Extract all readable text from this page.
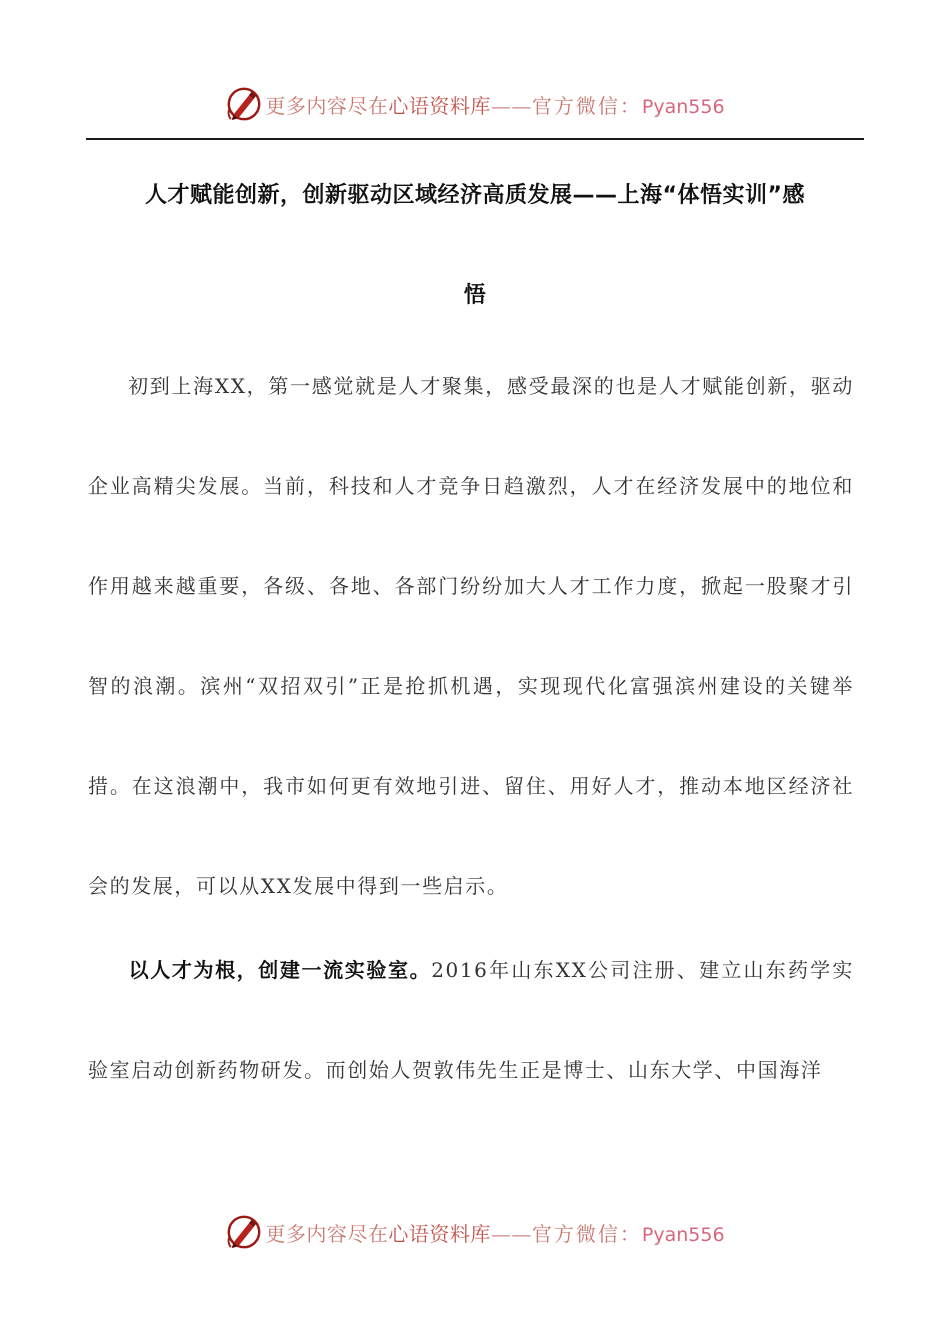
更多内容尽在心语资料库——官方微信：Pyan556
人才赋能创新，创新驱动区域经济高质发展——上海“体悟实训”感
悟
初到上海XX，第一感觉就是人才聚集，感受最深的也是人才赋能创新，驱动企业高精尖发展。当前，科技和人才竞争日趋激烈，人才在经济发展中的地位和作用越来越重要，各级、各地、各部门纷纷加大人才工作力度，掀起一股聚才引智的浪潮。滨州“双招双引”正是抢抓机遇，实现现代化富强滨州建设的关键举措。在这浪潮中，我市如何更有效地引进、留住、用好人才，推动本地区经济社会的发展，可以从XX发展中得到一些启示。
以人才为根，创建一流实验室。2016年山东XX公司注册、建立山东药学实验室启动创新药物研发。而创始人贺敦伟先生正是博士、山东大学、中国海洋
更多内容尽在心语资料库——官方微信：Pyan556
